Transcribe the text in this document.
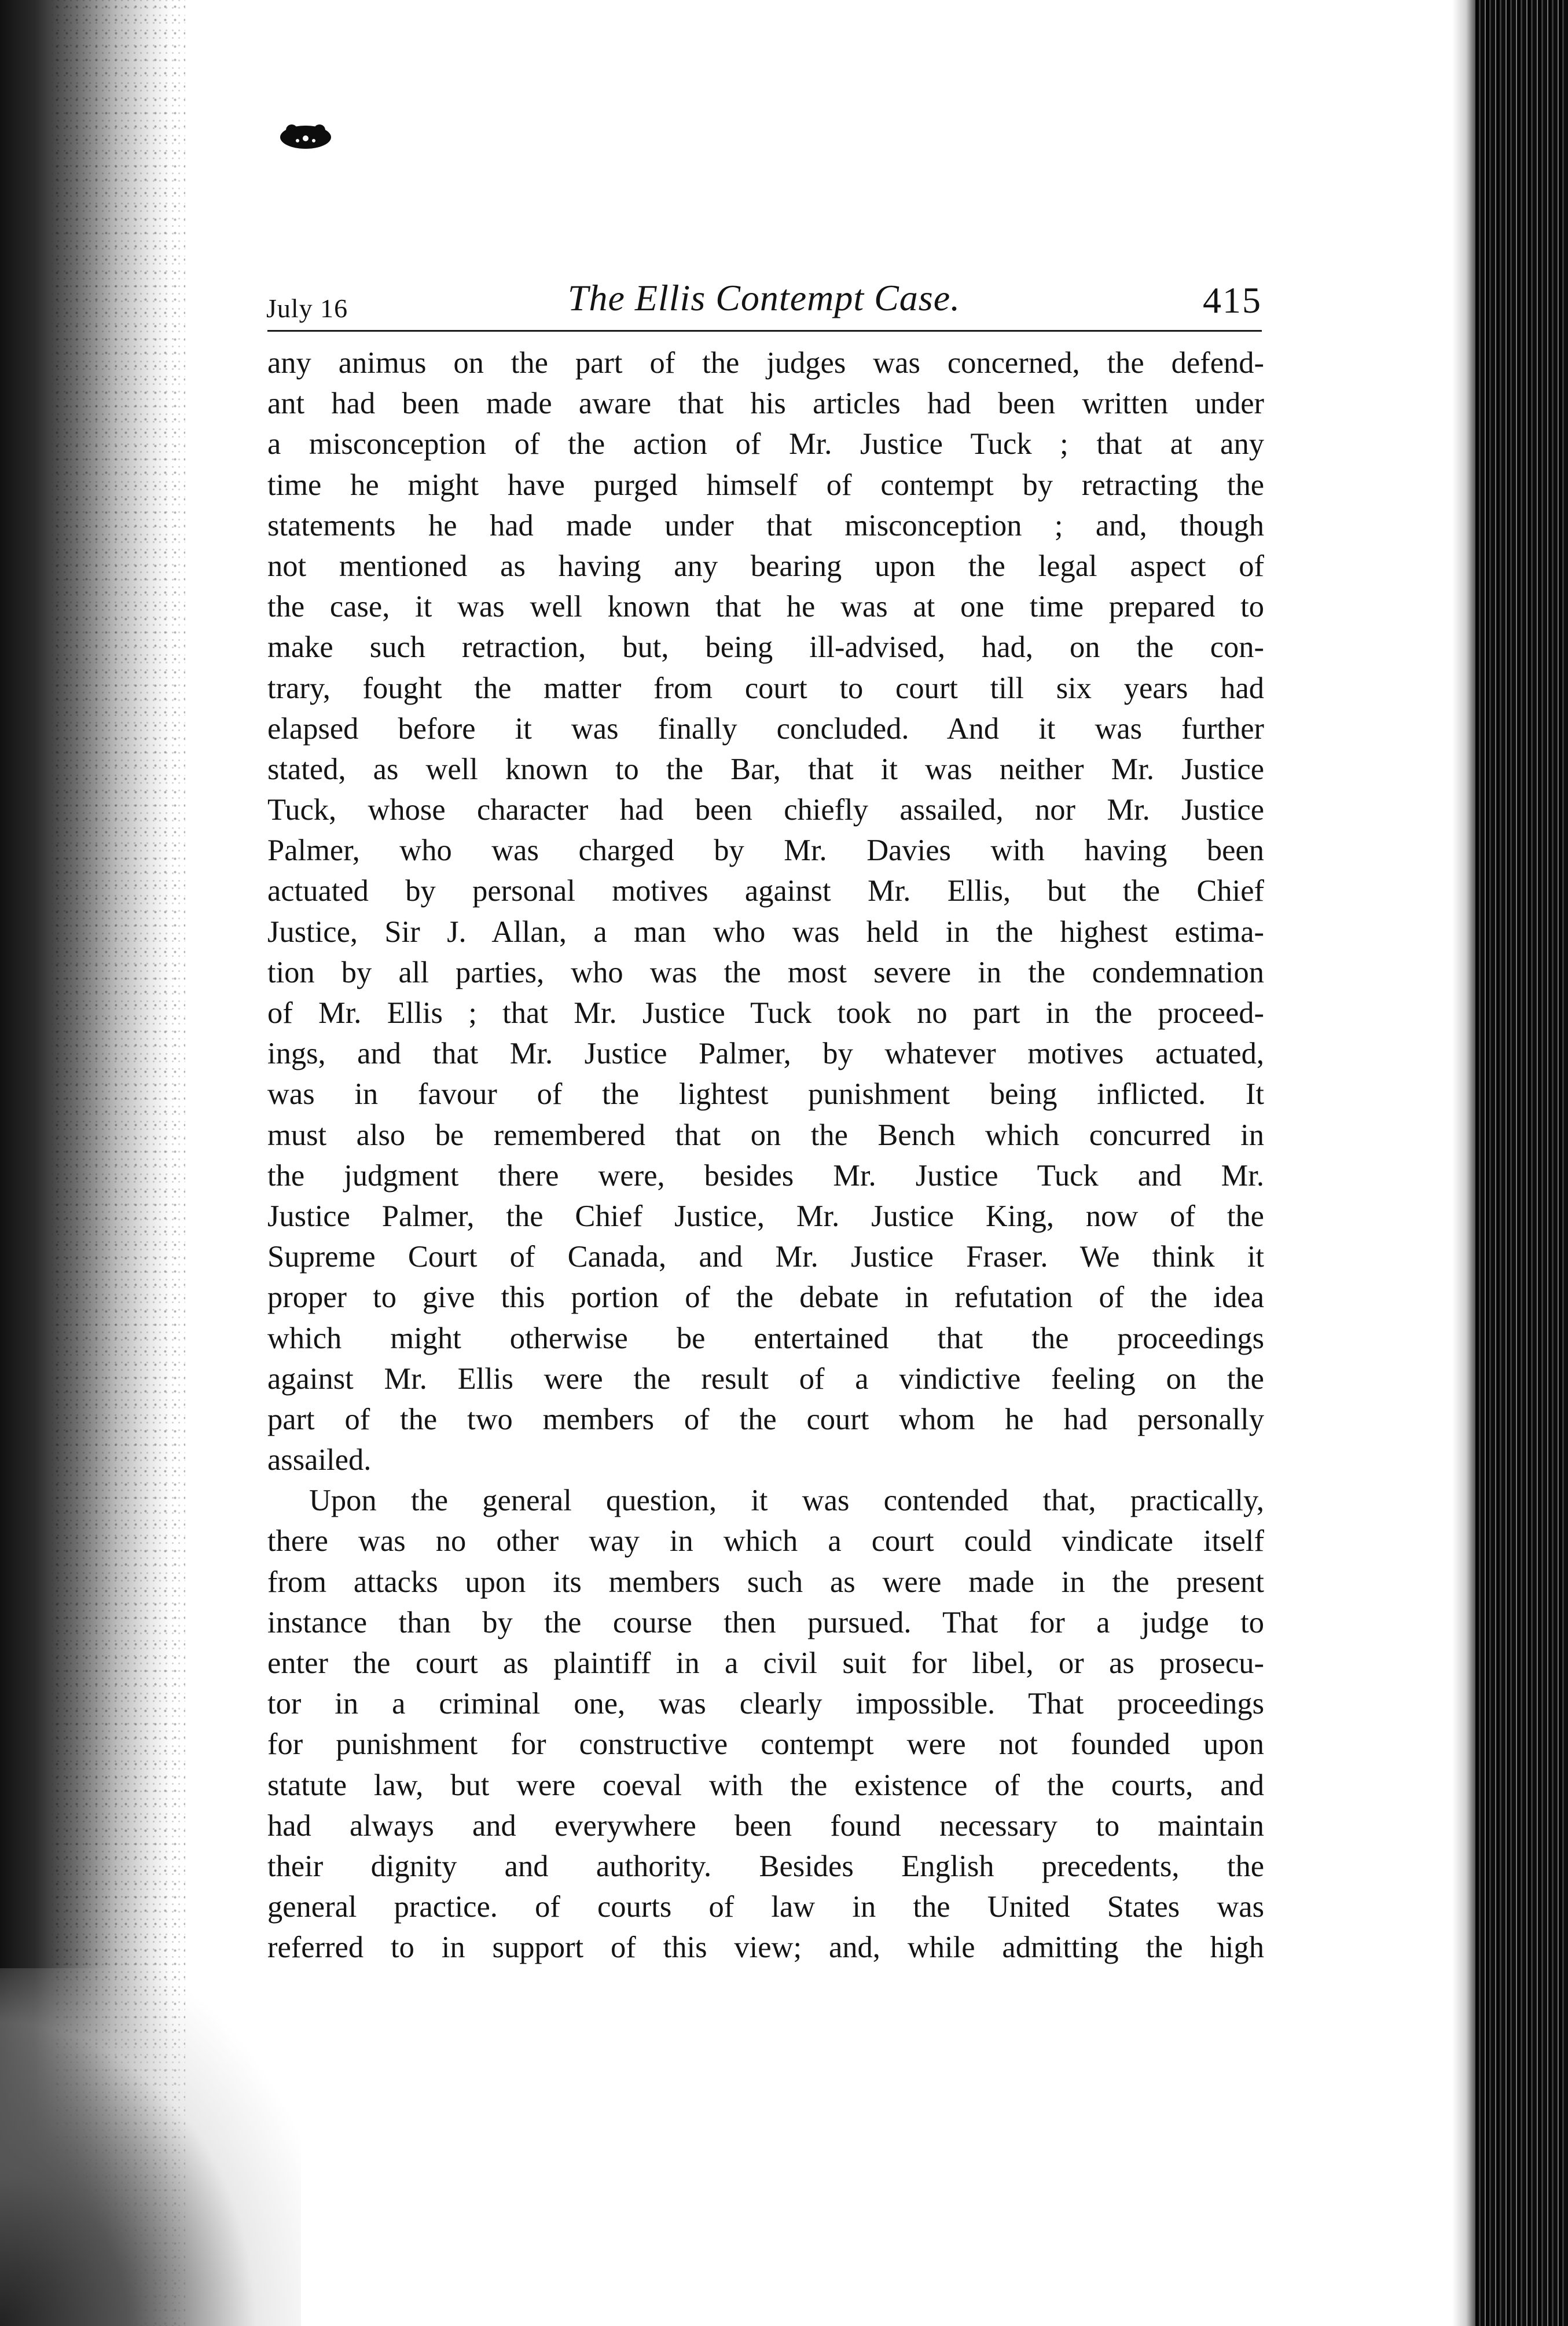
July 16	The Ellis Contempt Case.	415
any animus on the part of the judges was concerned, the defend-
ant had been made aware that his articles had been written under
a misconception of the action of Mr. Justice Tuck ; that at any
time he might have purged himself of contempt by retracting the
statements he had made under that misconception ; and, though
not mentioned as having any bearing upon the legal aspect of
the case, it was well known that he was at one time prepared to
make such retraction, but, being ill-advised, had, on the con-
trary, fought the matter from court to court till six years had
elapsed before it was finally concluded. And it was further
stated, as well known to the Bar, that it was neither Mr. Justice
Tuck, whose character had been chiefly assailed, nor Mr. Justice
Palmer, who was charged by Mr. Davies with having been
actuated by personal motives against Mr. Ellis, but the Chief
Justice, Sir J. Allan, a man who was held in the highest estima-
tion by all parties, who was the most severe in the condemnation
of Mr. Ellis ; that Mr. Justice Tuck took no part in the proceed-
ings, and that Mr. Justice Palmer, by whatever motives actuated,
was in favour of the lightest punishment being inflicted. It
must also be remembered that on the Bench which concurred in
the judgment there were, besides Mr. Justice Tuck and Mr.
Justice Palmer, the Chief Justice, Mr. Justice King, now of the
Supreme Court of Canada, and Mr. Justice Fraser. We think it
proper to give this portion of the debate in refutation of the idea
which might otherwise be entertained that the proceedings
against Mr. Ellis were the result of a vindictive feeling on the
part of the two members of the court whom he had personally
assailed.
Upon the general question, it was contended that, practically,
there was no other way in which a court could vindicate itself
from attacks upon its members such as were made in the present
instance than by the course then pursued. That for a judge to
enter the court as plaintiff in a civil suit for libel, or as prosecu-
tor in a criminal one, was clearly impossible. That proceedings
for punishment for constructive contempt were not founded upon
statute law, but were coeval with the existence of the courts, and
had always and everywhere been found necessary to maintain
their dignity and authority. Besides English precedents, the
general practice. of courts of law in the United States was
referred to in support of this view; and, while admitting the high
